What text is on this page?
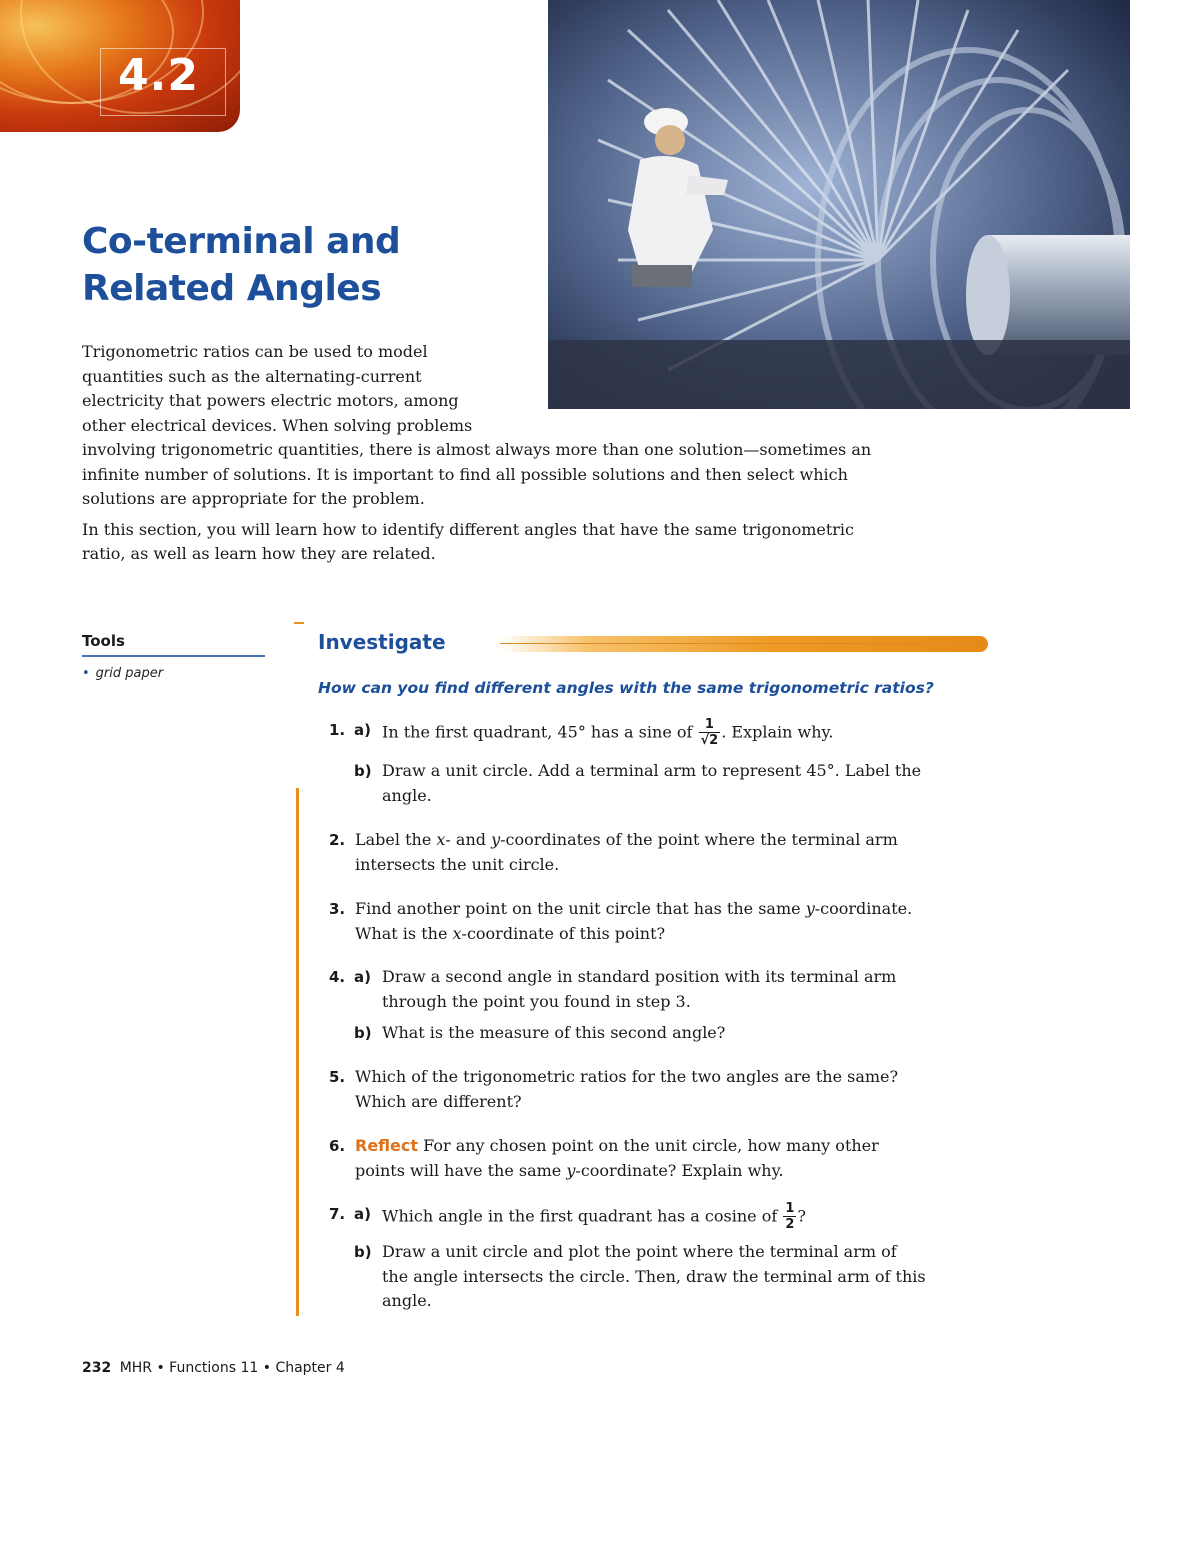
4.2
Co-terminal and
Related Angles

Trigonometric ratios can be used to model
quantities such as the alternating-current
electricity that powers electric motors, among
other electrical devices. When solving problems
involving trigonometric quantities, there is almost always more than one solution—sometimes an
infinite number of solutions. It is important to find all possible solutions and then select which
solutions are appropriate for the problem.

In this section, you will learn how to identify different angles that have the same trigonometric
ratio, as well as learn how they are related.

Tools
• grid paper
Investigate
How can you find different angles with the same trigonometric ratios?
1. a) In the first quadrant, 45° has a sine of $\frac{1}{√2}$ . Explain why.
b) Draw a unit circle. Add a terminal arm to represent 45°. Label the
angle.
2. Label the x- and y-coordinates of the point where the terminal arm
intersects the unit circle.
3. Find another point on the unit circle that has the same y-coordinate.
What is the x-coordinate of this point?
4. a) Draw a second angle in standard position with its terminal arm
through the point you found in step 3.
b) What is the measure of this second angle?
5. Which of the trigonometric ratios for the two angles are the same?
Which are different?
6. Reflect For any chosen point on the unit circle, how many other
points will have the same y-coordinate? Explain why.
7. a) Which angle in the first quadrant has a cosine of $\frac{1}{2}$ ?
b) Draw a unit circle and plot the point where the terminal arm of
the angle intersects the circle. Then, draw the terminal arm of this
angle.
232 MHR • Functions 11 • Chapter 4
